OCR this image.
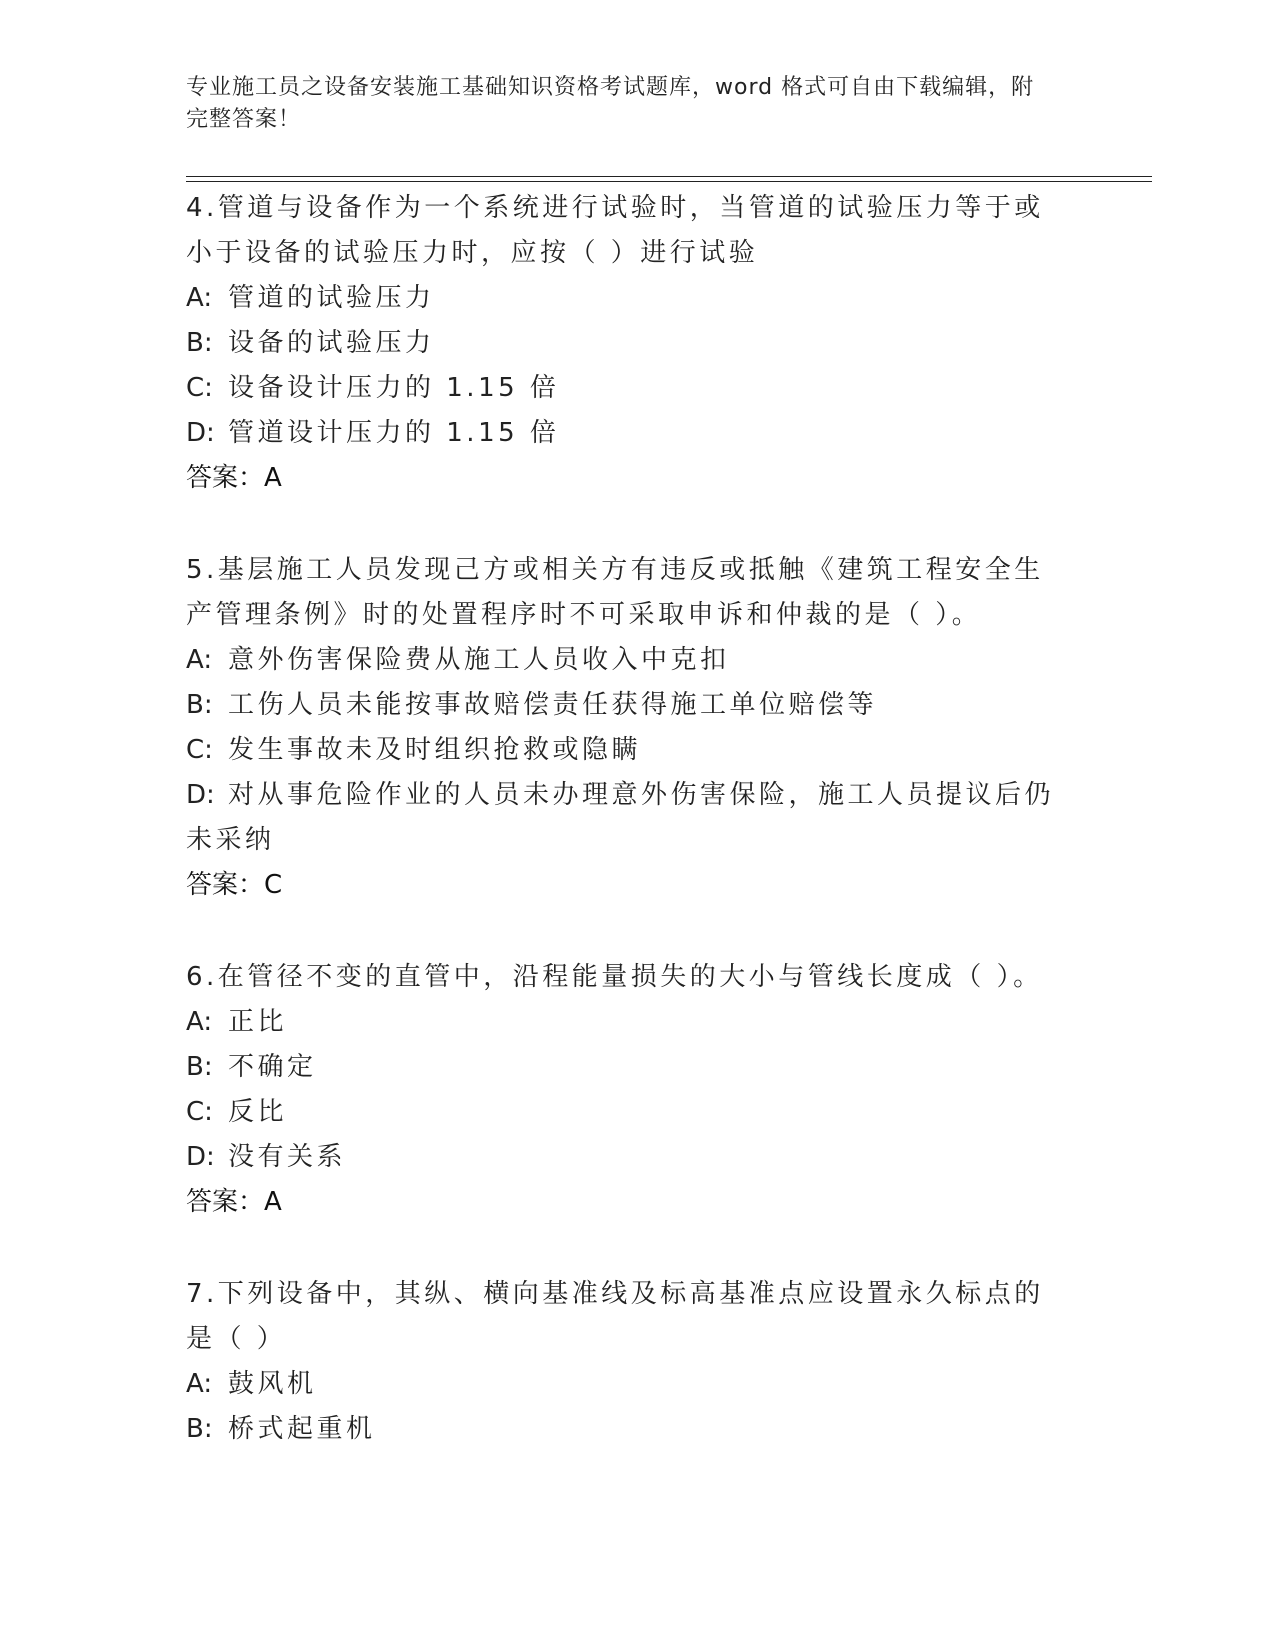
专业施工员之设备安装施工基础知识资格考试题库，word 格式可自由下载编辑，附完整答案！
4.管道与设备作为一个系统进行试验时，当管道的试验压力等于或小于设备的试验压力时，应按（ ）进行试验
A: 管道的试验压力
B: 设备的试验压力
C: 设备设计压力的 1.15 倍
D: 管道设计压力的 1.15 倍
答案：A
5.基层施工人员发现己方或相关方有违反或抵触《建筑工程安全生产管理条例》时的处置程序时不可采取申诉和仲裁的是（ ）。
A: 意外伤害保险费从施工人员收入中克扣
B: 工伤人员未能按事故赔偿责任获得施工单位赔偿等
C: 发生事故未及时组织抢救或隐瞒
D: 对从事危险作业的人员未办理意外伤害保险，施工人员提议后仍未采纳
答案：C
6.在管径不变的直管中，沿程能量损失的大小与管线长度成（ ）。
A: 正比
B: 不确定
C: 反比
D: 没有关系
答案：A
7.下列设备中，其纵、横向基准线及标高基准点应设置永久标点的是（ ）
A: 鼓风机
B: 桥式起重机
